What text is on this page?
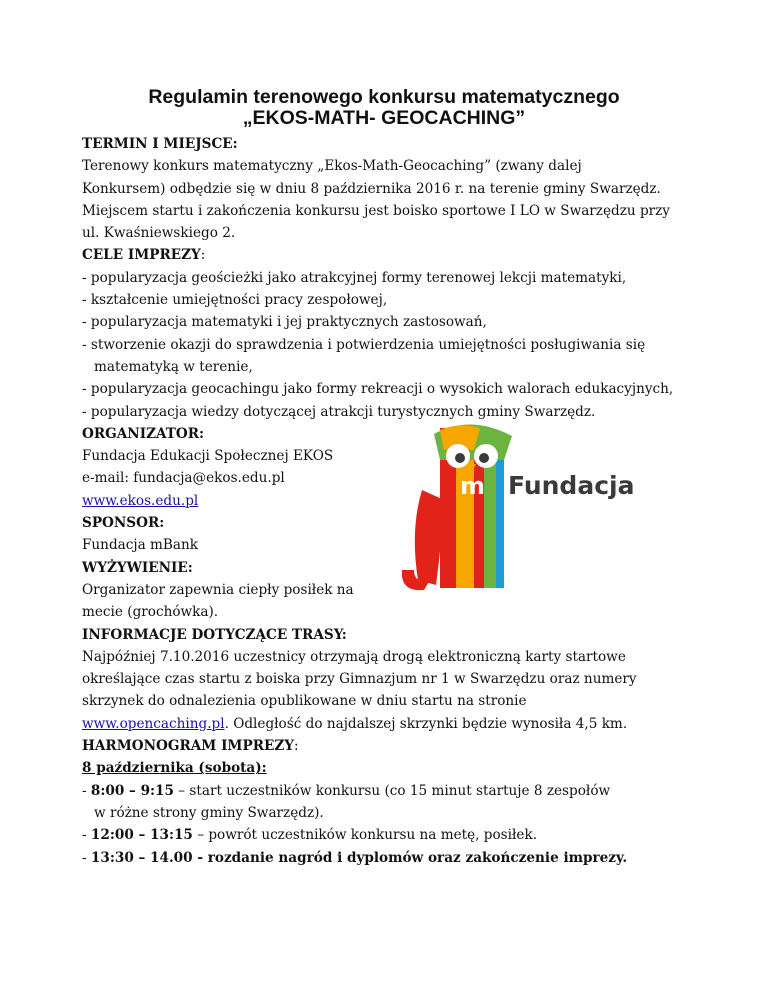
Regulamin terenowego konkursu matematycznego
„EKOS-MATH- GEOCACHING”
TERMIN I MIEJSCE:
Terenowy konkurs matematyczny „Ekos-Math-Geocaching” (zwany dalej
Konkursem) odbędzie się w dniu 8 października 2016 r. na terenie gminy Swarzędz.
Miejscem startu i zakończenia konkursu jest boisko sportowe I LO w Swarzędzu przy
ul. Kwaśniewskiego 2.
CELE IMPREZY:
- popularyzacja geościeżki jako atrakcyjnej formy terenowej lekcji matematyki,
- kształcenie umiejętności pracy zespołowej,
- popularyzacja matematyki i jej praktycznych zastosowań,
- stworzenie okazji do sprawdzenia i potwierdzenia umiejętności posługiwania się
matematyką w terenie,
- popularyzacja geocachingu jako formy rekreacji o wysokich walorach edukacyjnych,
- popularyzacja wiedzy dotyczącej atrakcji turystycznych gminy Swarzędz.
ORGANIZATOR:
Fundacja Edukacji Społecznej EKOS
e-mail: fundacja@ekos.edu.pl
www.ekos.edu.pl
SPONSOR:
Fundacja mBank
WYŻYWIENIE:
Organizator zapewnia ciepły posiłek na
mecie (grochówka).
INFORMACJE DOTYCZĄCE TRASY:
Najpóźniej 7.10.2016 uczestnicy otrzymają drogą elektroniczną karty startowe
określające czas startu z boiska przy Gimnazjum nr 1 w Swarzędzu oraz numery
skrzynek do odnalezienia opublikowane w dniu startu na stronie
www.opencaching.pl. Odległość do najdalszej skrzynki będzie wynosiła 4,5 km.
HARMONOGRAM IMPREZY:
8 października (sobota):
- 8:00 – 9:15 – start uczestników konkursu (co 15 minut startuje 8 zespołów
w różne strony gminy Swarzędz).
- 12:00 – 13:15 – powrót uczestników konkursu na metę, posiłek.
- 13:30 – 14.00 - rozdanie nagród i dyplomów oraz zakończenie imprezy.
m Fundacja
